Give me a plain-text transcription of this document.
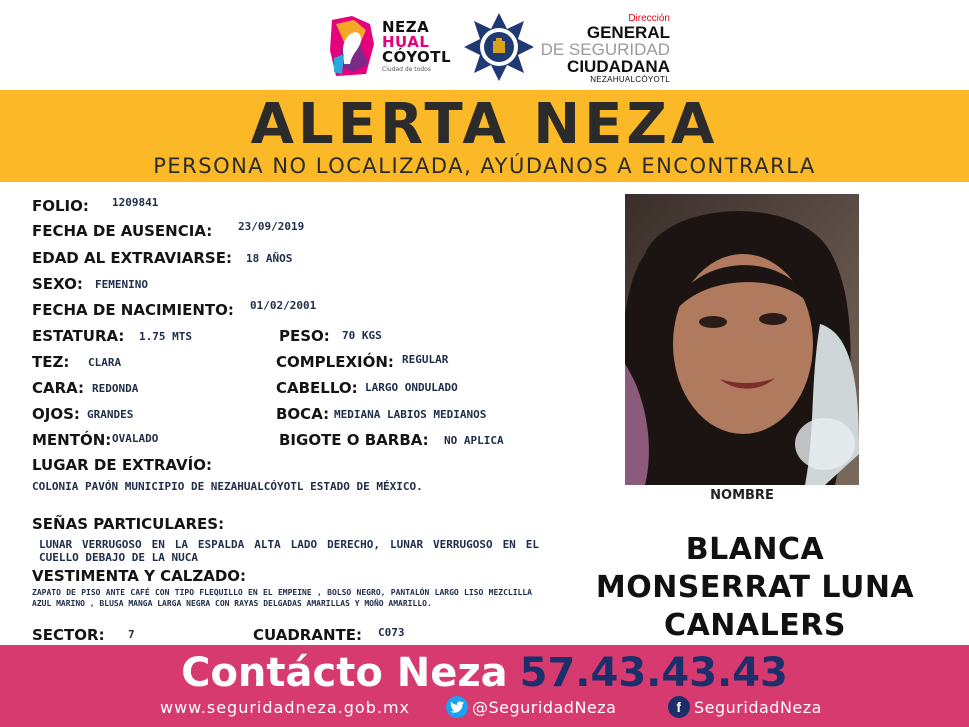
NEZA
HUAL
CÓYOTL
Ciudad de todos
Dirección
GENERAL
DE SEGURIDAD
CIUDADANA
NEZAHUALCÓYOTL
ALERTA NEZA
PERSONA NO LOCALIZADA, AYÚDANOS A ENCONTRARLA
FOLIO: 1209841
FECHA DE AUSENCIA: 23/09/2019
EDAD AL EXTRAVIARSE: 18 AÑOS
SEXO: FEMENINO
FECHA DE NACIMIENTO: 01/02/2001
ESTATURA: 1.75 MTS	PESO: 70 KGS
TEZ: CLARA	COMPLEXIÓN: REGULAR
CARA: REDONDA	CABELLO: LARGO ONDULADO
OJOS: GRANDES	BOCA: MEDIANA LABIOS MEDIANOS
MENTÓN: OVALADO	BIGOTE O BARBA: NO APLICA
LUGAR DE EXTRAVÍO:
COLONIA PAVÓN MUNICIPIO DE NEZAHUALCÓYOTL ESTADO DE MÉXICO.
SEÑAS PARTICULARES:
LUNAR VERRUGOSO EN LA ESPALDA ALTA LADO DERECHO, LUNAR VERRUGOSO EN EL CUELLO DEBAJO DE LA NUCA
VESTIMENTA Y CALZADO:
ZAPATO DE PISO ANTE CAFÉ CON TIPO FLEQUILLO EN EL EMPEINE , BOLSO NEGRO, PANTALÓN LARGO LISO MEZCLILLA AZUL MARINO , BLUSA MANGA LARGA NEGRA CON RAYAS DELGADAS AMARILLAS Y MOÑO AMARILLO.
SECTOR: 7	CUADRANTE: C073
NOMBRE
BLANCA
MONSERRAT LUNA
CANALERS
Contácto Neza 57.43.43.43
www.seguridadneza.gob.mx	@SeguridadNeza	f SeguridadNeza
